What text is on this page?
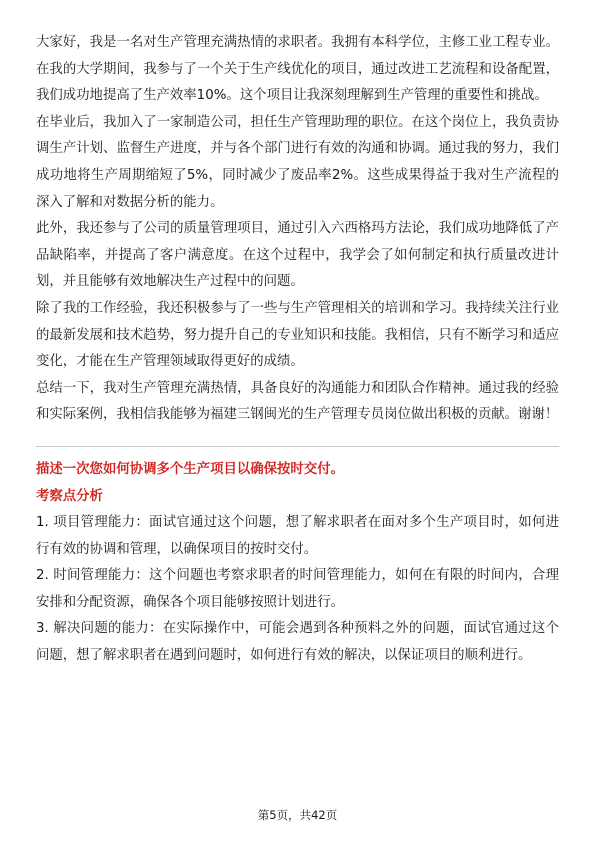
大家好，我是一名对生产管理充满热情的求职者。我拥有本科学位，主修工业工程专业。在我的大学期间，我参与了一个关于生产线优化的项目，通过改进工艺流程和设备配置，我们成功地提高了生产效率10%。这个项目让我深刻理解到生产管理的重要性和挑战。

在毕业后，我加入了一家制造公司，担任生产管理助理的职位。在这个岗位上，我负责协调生产计划、监督生产进度，并与各个部门进行有效的沟通和协调。通过我的努力，我们成功地将生产周期缩短了5%，同时减少了废品率2%。这些成果得益于我对生产流程的深入了解和对数据分析的能力。

此外，我还参与了公司的质量管理项目，通过引入六西格玛方法论，我们成功地降低了产品缺陷率，并提高了客户满意度。在这个过程中，我学会了如何制定和执行质量改进计划，并且能够有效地解决生产过程中的问题。

除了我的工作经验，我还积极参与了一些与生产管理相关的培训和学习。我持续关注行业的最新发展和技术趋势，努力提升自己的专业知识和技能。我相信，只有不断学习和适应变化，才能在生产管理领域取得更好的成绩。

总结一下，我对生产管理充满热情，具备良好的沟通能力和团队合作精神。通过我的经验和实际案例，我相信我能够为福建三钢闽光的生产管理专员岗位做出积极的贡献。谢谢！

描述一次您如何协调多个生产项目以确保按时交付。

考察点分析

1. 项目管理能力：面试官通过这个问题，想了解求职者在面对多个生产项目时，如何进行有效的协调和管理，以确保项目的按时交付。

2. 时间管理能力：这个问题也考察求职者的时间管理能力，如何在有限的时间内，合理安排和分配资源，确保各个项目能够按照计划进行。

3. 解决问题的能力：在实际操作中，可能会遇到各种预料之外的问题，面试官通过这个问题，想了解求职者在遇到问题时，如何进行有效的解决，以保证项目的顺利进行。

第5页，共42页
